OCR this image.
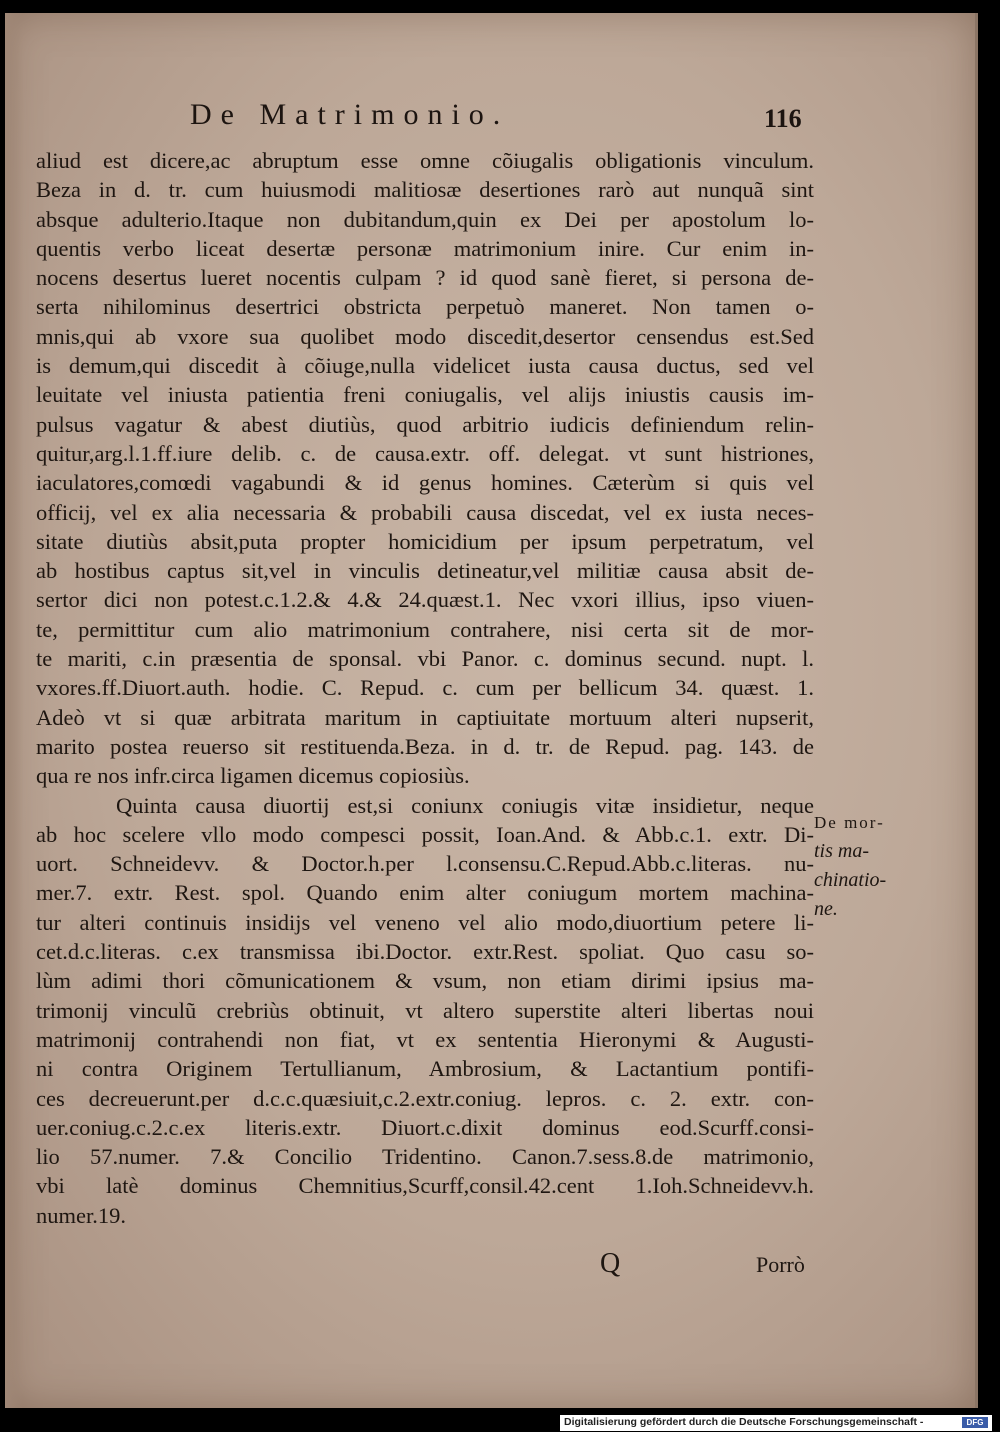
De Matrimonio.	116
aliud est dicere,ac abruptum esse omne cõiugalis obligationis vinculum.
Beza in d. tr. cum huiusmodi malitiosæ desertiones rarò aut nunquã sint
absque adulterio.Itaque non dubitandum,quin ex Dei per apostolum lo-
quentis verbo liceat desertæ personæ matrimonium inire. Cur enim in-
nocens desertus lueret nocentis culpam ? id quod sanè fieret, si persona de-
serta nihilominus desertrici obstricta perpetuò maneret. Non tamen o-
mnis,qui ab vxore sua quolibet modo discedit,desertor censendus est.Sed
is demum,qui discedit à cõiuge,nulla videlicet iusta causa ductus, sed vel
leuitate vel iniusta patientia freni coniugalis, vel alijs iniustis causis im-
pulsus vagatur & abest diutiùs, quod arbitrio iudicis definiendum relin-
quitur,arg.l.1.ff.iure delib. c. de causa.extr. off. delegat. vt sunt histriones,
iaculatores,comœdi vagabundi & id genus homines. Cæterùm si quis vel
officij, vel ex alia necessaria & probabili causa discedat, vel ex iusta neces-
sitate diutiùs absit,puta propter homicidium per ipsum perpetratum, vel
ab hostibus captus sit,vel in vinculis detineatur,vel militiæ causa absit de-
sertor dici non potest.c.1.2.& 4.& 24.quæst.1. Nec vxori illius, ipso viuen-
te, permittitur cum alio matrimonium contrahere, nisi certa sit de mor-
te mariti, c.in præsentia de sponsal. vbi Panor. c. dominus secund. nupt. l.
vxores.ff.Diuort.auth. hodie. C. Repud. c. cum per bellicum 34. quæst. 1.
Adeò vt si quæ arbitrata maritum in captiuitate mortuum alteri nupserit,
marito postea reuerso sit restituenda.Beza. in d. tr. de Repud. pag. 143. de
qua re nos infr.circa ligamen dicemus copiosiùs.
Quinta causa diuortij est,si coniunx coniugis vitæ insidietur, neque
ab hoc scelere vllo modo compesci possit, Ioan.And. & Abb.c.1. extr. Di-
uort. Schneidevv. & Doctor.h.per l.consensu.C.Repud.Abb.c.literas. nu-
mer.7. extr. Rest. spol. Quando enim alter coniugum mortem machina-
tur alteri continuis insidijs vel veneno vel alio modo,diuortium petere li-
cet.d.c.literas. c.ex transmissa ibi.Doctor. extr.Rest. spoliat. Quo casu so-
lùm adimi thori cõmunicationem & vsum, non etiam dirimi ipsius ma-
trimonij vinculũ crebriùs obtinuit, vt altero superstite alteri libertas noui
matrimonij contrahendi non fiat, vt ex sententia Hieronymi & Augusti-
ni contra Originem Tertullianum, Ambrosium, & Lactantium pontifi-
ces decreuerunt.per d.c.c.quæsiuit,c.2.extr.coniug. lepros. c. 2. extr. con-
uer.coniug.c.2.c.ex literis.extr. Diuort.c.dixit dominus eod.Scurff.consi-
lio 57.numer. 7.& Concilio Tridentino. Canon.7.sess.8.de matrimonio,
vbi latè dominus Chemnitius,Scurff,consil.42.cent 1.Ioh.Schneidevv.h.
numer.19.
De mor-
tis ma-
chinatio-
ne.
Q	Porrò
Digitalisierung gefördert durch die Deutsche Forschungsgemeinschaft -	DFG
